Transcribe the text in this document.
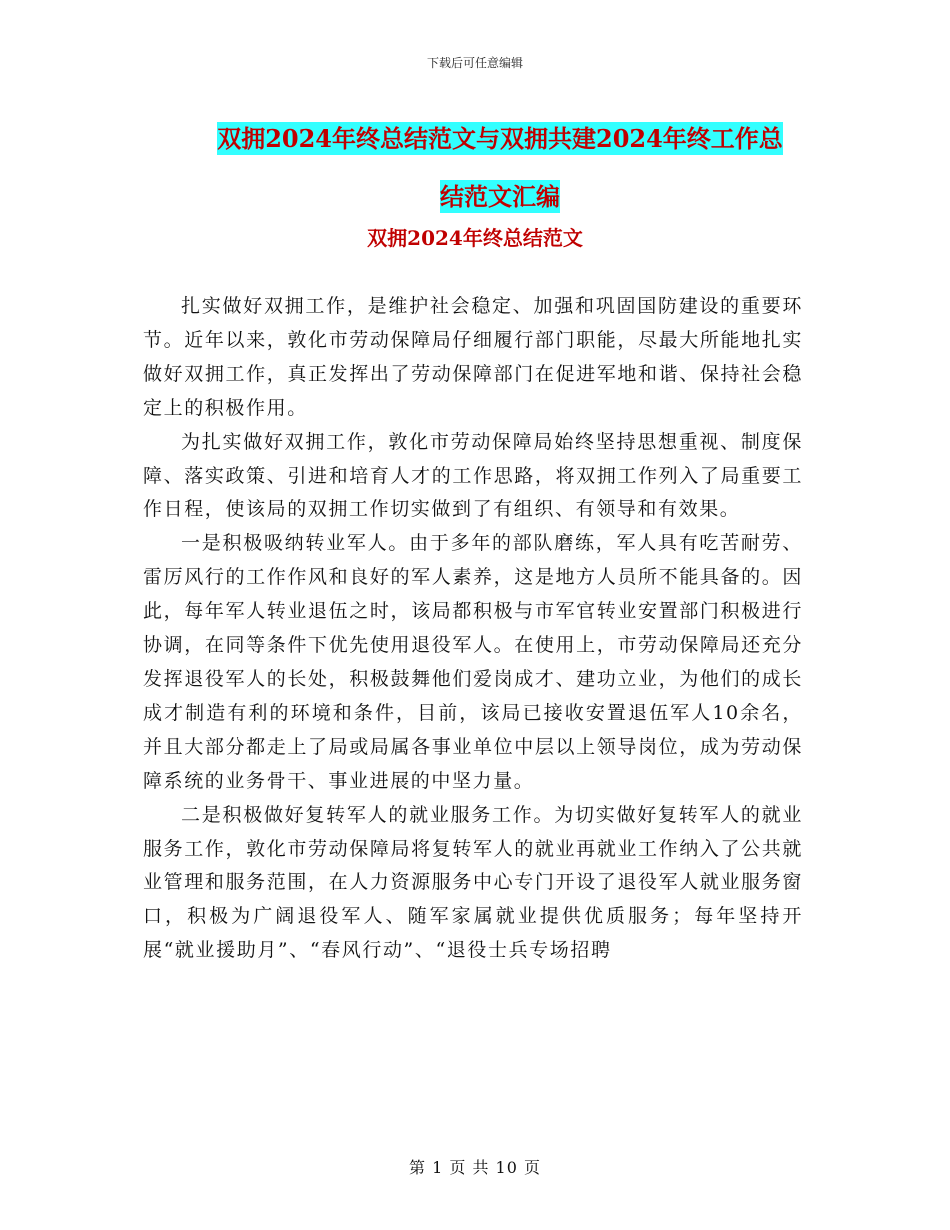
下载后可任意编辑
双拥2024年终总结范文与双拥共建2024年终工作总
结范文汇编
双拥2024年终总结范文

扎实做好双拥工作，是维护社会稳定、加强和巩固国防建设的重要环节。近年以来，敦化市劳动保障局仔细履行部门职能，尽最大所能地扎实做好双拥工作，真正发挥出了劳动保障部门在促进军地和谐、保持社会稳定上的积极作用。

为扎实做好双拥工作，敦化市劳动保障局始终坚持思想重视、制度保障、落实政策、引进和培育人才的工作思路，将双拥工作列入了局重要工作日程，使该局的双拥工作切实做到了有组织、有领导和有效果。

一是积极吸纳转业军人。由于多年的部队磨练，军人具有吃苦耐劳、雷厉风行的工作作风和良好的军人素养，这是地方人员所不能具备的。因此，每年军人转业退伍之时，该局都积极与市军官转业安置部门积极进行协调，在同等条件下优先使用退役军人。在使用上，市劳动保障局还充分发挥退役军人的长处，积极鼓舞他们爱岗成才、建功立业，为他们的成长成才制造有利的环境和条件，目前，该局已接收安置退伍军人10余名，并且大部分都走上了局或局属各事业单位中层以上领导岗位，成为劳动保障系统的业务骨干、事业进展的中坚力量。

二是积极做好复转军人的就业服务工作。为切实做好复转军人的就业服务工作，敦化市劳动保障局将复转军人的就业再就业工作纳入了公共就业管理和服务范围，在人力资源服务中心专门开设了退役军人就业服务窗口，积极为广阔退役军人、随军家属就业提供优质服务；每年坚持开展“就业援助月”、“春风行动”、“退役士兵专场招聘

第 1 页 共 10 页
